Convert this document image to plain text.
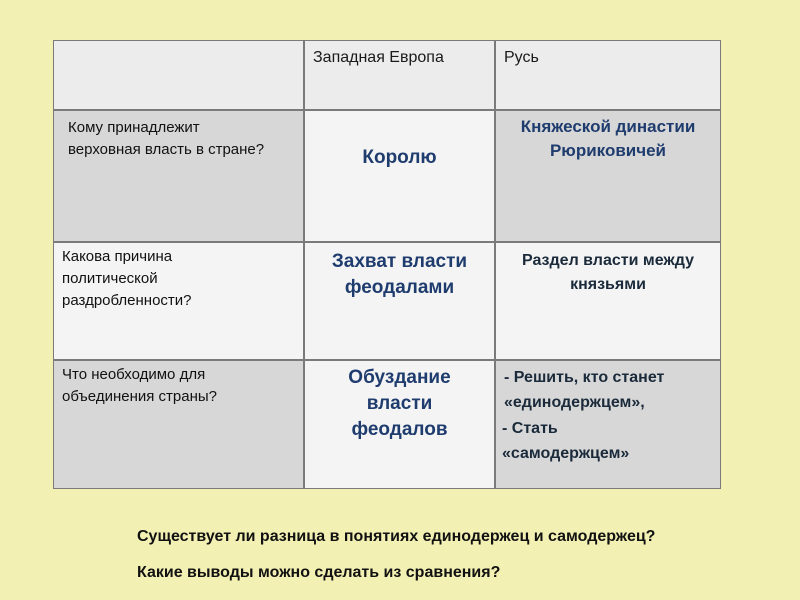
Западная Европа	Русь
Кому принадлежит верховная власть в стране?	Королю
Княжеской династии Рюриковичей
Какова причина политической раздробленности?
Захват власти феодалами
Раздел власти между князьями
Что необходимо для объединения страны?
Обуздание власти феодалов
- Решить, кто станет «единодержцем»,
- Стать «самодержцем»
Существует ли разница в понятиях единодержец и самодержец?
Какие выводы можно сделать из сравнения?
